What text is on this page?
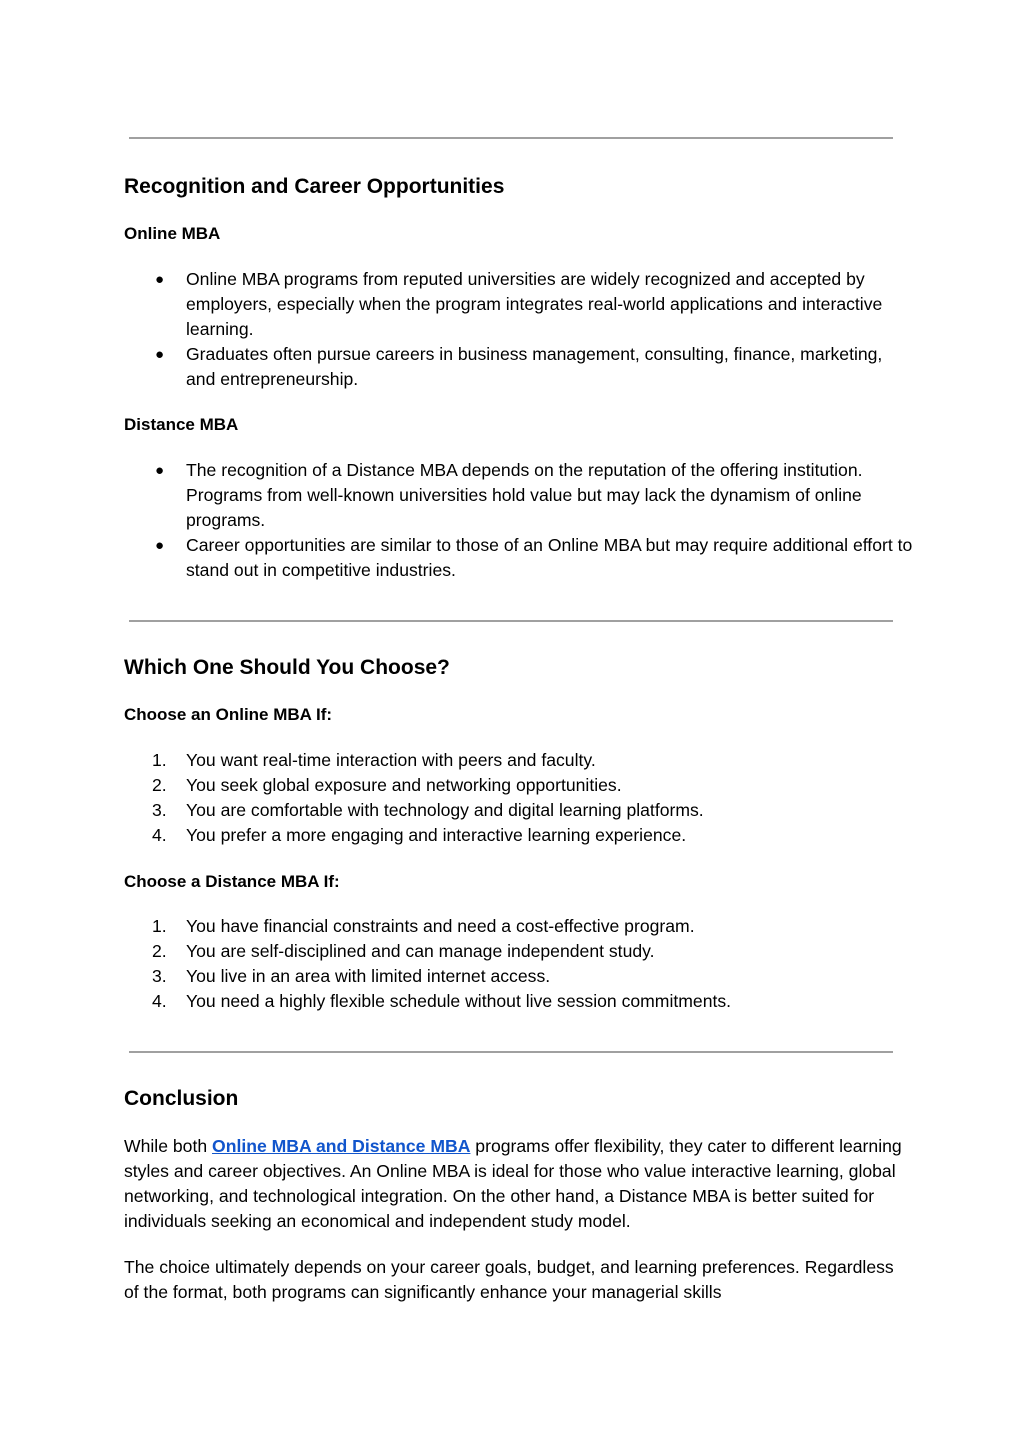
Recognition and Career Opportunities
Online MBA
●	Online MBA programs from reputed universities are widely recognized and accepted by employers, especially when the program integrates real-world applications and interactive learning.
●	Graduates often pursue careers in business management, consulting, finance, marketing, and entrepreneurship.
Distance MBA
●	The recognition of a Distance MBA depends on the reputation of the offering institution. Programs from well-known universities hold value but may lack the dynamism of online programs.
●	Career opportunities are similar to those of an Online MBA but may require additional effort to stand out in competitive industries.
Which One Should You Choose?
Choose an Online MBA If:
1.	You want real-time interaction with peers and faculty.
2.	You seek global exposure and networking opportunities.
3.	You are comfortable with technology and digital learning platforms.
4.	You prefer a more engaging and interactive learning experience.
Choose a Distance MBA If:
1.	You have financial constraints and need a cost-effective program.
2.	You are self-disciplined and can manage independent study.
3.	You live in an area with limited internet access.
4.	You need a highly flexible schedule without live session commitments.
Conclusion

While both Online MBA and Distance MBA programs offer flexibility, they cater to different learning styles and career objectives. An Online MBA is ideal for those who value interactive learning, global networking, and technological integration. On the other hand, a Distance MBA is better suited for individuals seeking an economical and independent study model.

The choice ultimately depends on your career goals, budget, and learning preferences. Regardless of the format, both programs can significantly enhance your managerial skills
